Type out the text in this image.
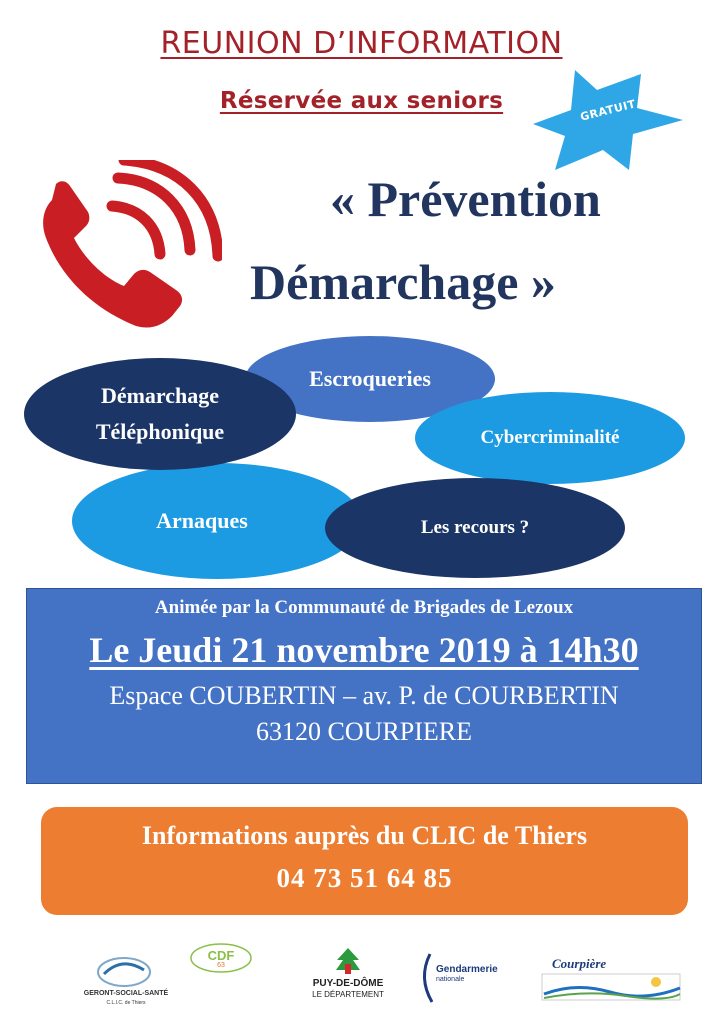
REUNION D’INFORMATION
Réservée aux seniors	GRATUIT
« Prévention
Démarchage »
Escroqueries
Cybercriminalité
Arnaques	Les recours ?
Démarchage
Téléphonique
Animée par la Communauté de Brigades de Lezoux
Le Jeudi 21 novembre 2019 à 14h30
Espace COUBERTIN – av. P. de COURBERTIN
63120 COURPIERE
Informations auprès du CLIC de Thiers
04 73 51 64 85
GERONT-SOCIAL-SANTÉ
C.L.I.C. de Thiers
CDF
63
PUY-DE-DÔME
LE DÉPARTEMENT
Gendarmerie
nationale
Courpière
